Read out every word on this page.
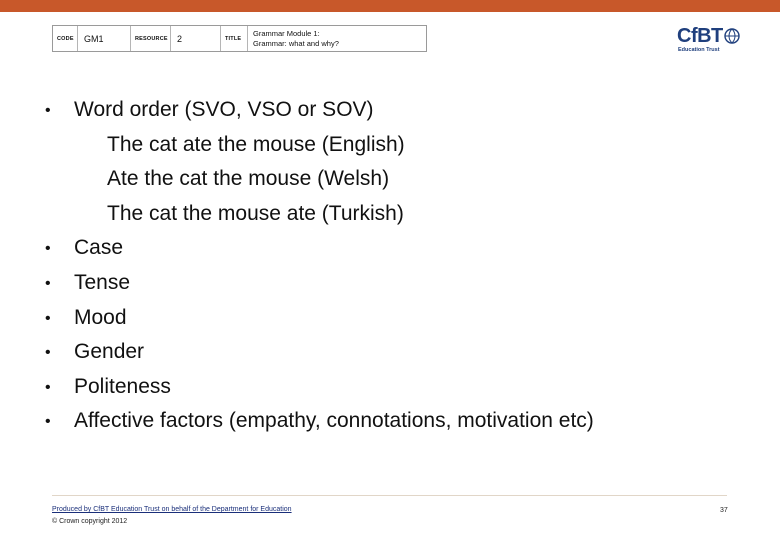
CODE	GM1	RESOURCE	2	TITLE
Grammar Module 1:
Grammar: what and why?	CfBT
Education Trust
• Word order (SVO, VSO or SOV)
The cat ate the mouse (English)
Ate the cat the mouse (Welsh)
The cat the mouse ate (Turkish)
• Case
• Tense
• Mood
• Gender
• Politeness
• Affective factors (empathy, connotations, motivation etc)
Produced by CfBT Education Trust on behalf of the Department for Education
© Crown copyright 2012
37
